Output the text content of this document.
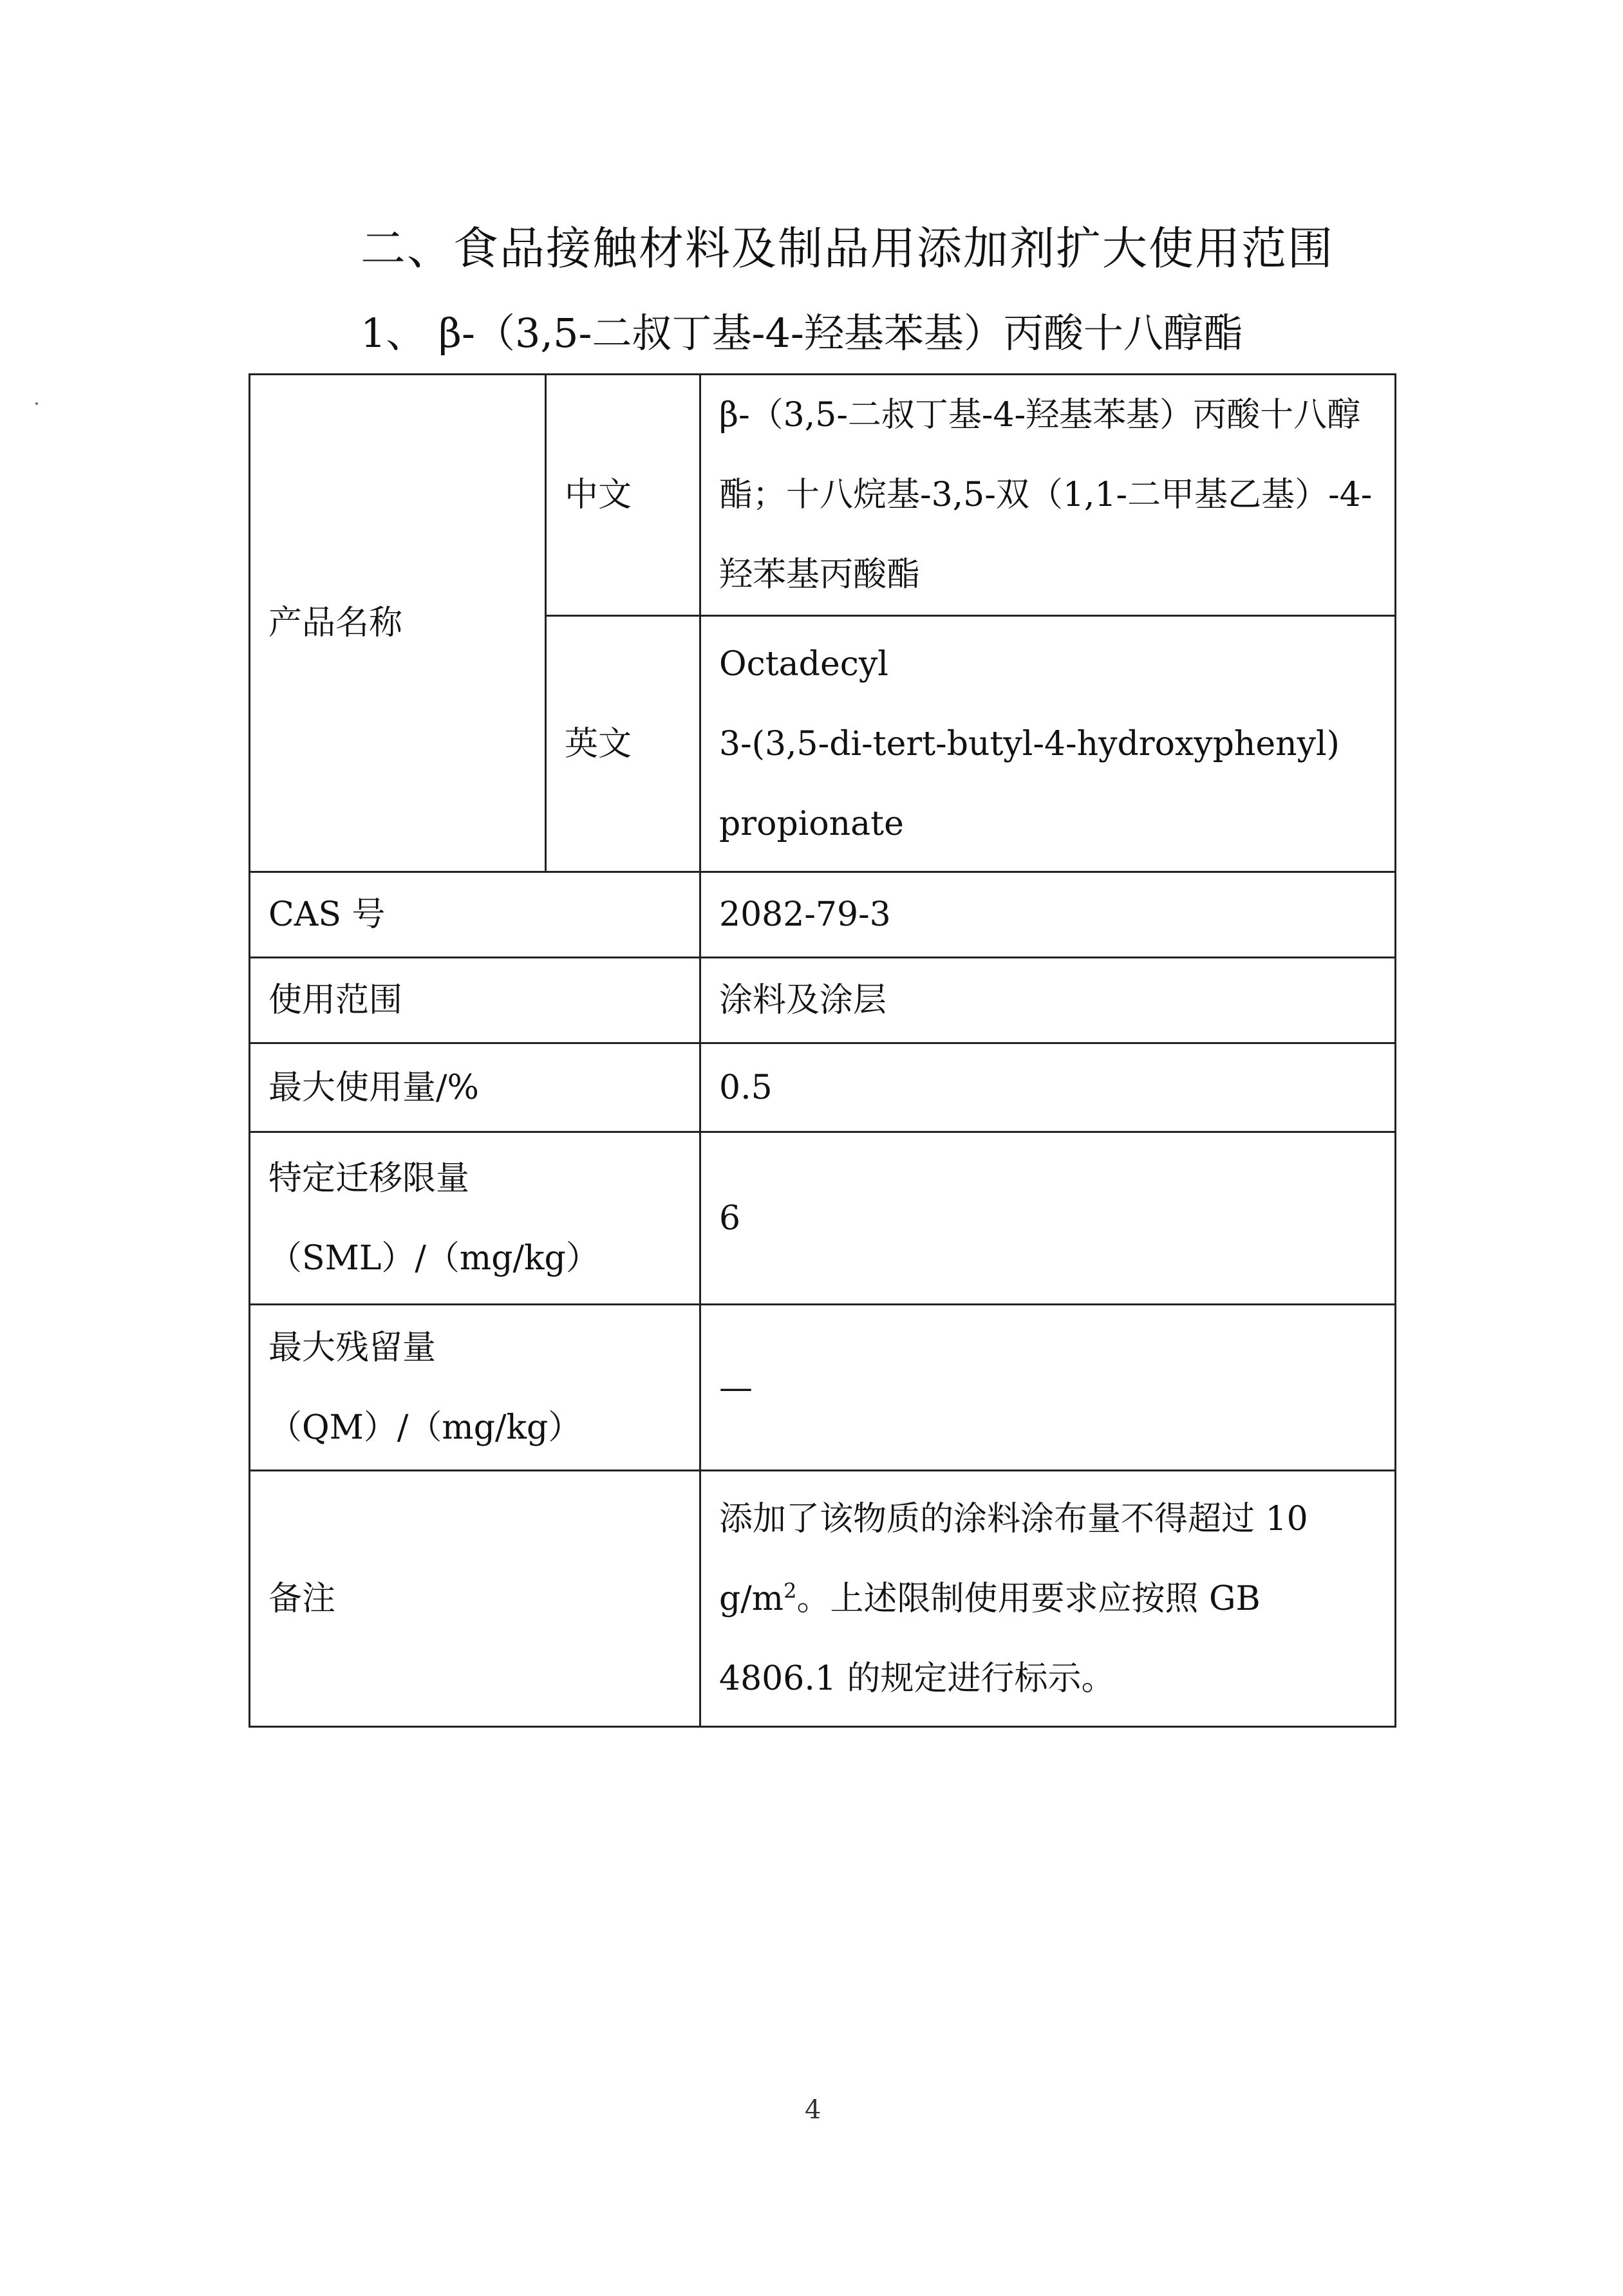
二、食品接触材料及制品用添加剂扩大使用范围
1、 β-（3,5-二叔丁基-4-羟基苯基）丙酸十八醇酯
产品名称	中文	β-（3,5-二叔丁基-4-羟基苯基）丙酸十八醇酯；十八烷基-3,5-双（1,1-二甲基乙基）-4-羟苯基丙酸酯
	英文	Octadecyl
3-(3,5-di-tert-butyl-4-hydroxyphenyl)
propionate

CAS 号		2082-79-3
使用范围		涂料及涂层
最大使用量/%		0.5

特定迁移限量
（SML）/（mg/kg）		6

最大残留量
（QM）/（mg/kg）		—
备注		添加了该物质的涂料涂布量不得超过 10 $g/m^2$。上述限制使用要求应按照 GB 4806.1 的规定进行标示。
4
